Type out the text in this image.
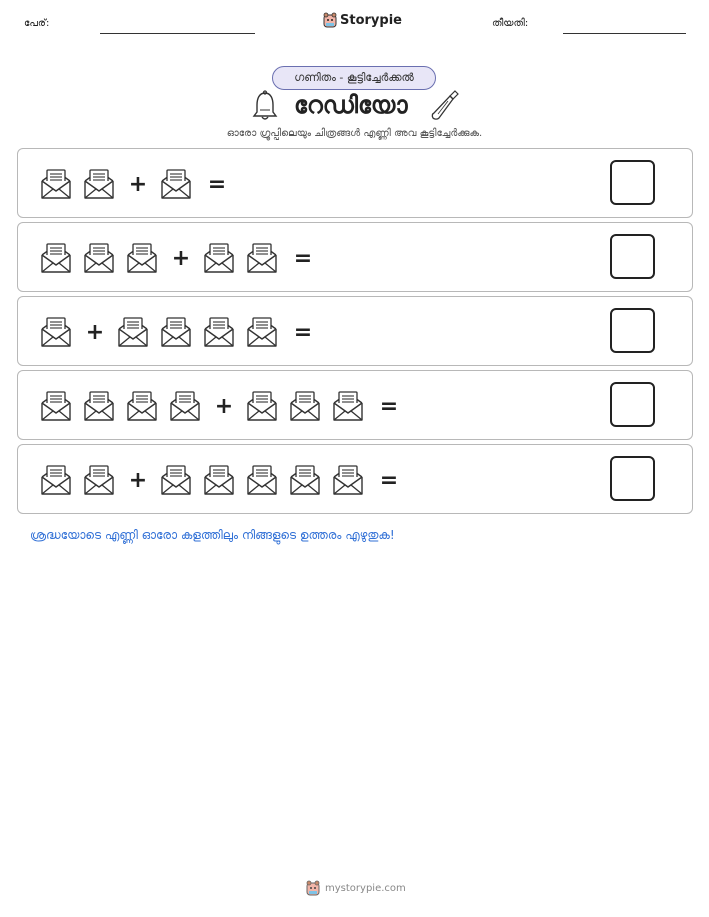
പേര്:	Storypie	തീയതി:
ഗണിതം - കൂട്ടിച്ചേർക്കൽ
റേഡിയോ
ഓരോ ഗ്രൂപ്പിലെയും ചിത്രങ്ങൾ എണ്ണി അവ കൂട്ടിച്ചേർക്കുക.
+	=
+	=
+	=
+	=
+	=
ശ്രദ്ധയോടെ എണ്ണി ഓരോ കളത്തിലും നിങ്ങളുടെ ഉത്തരം എഴുതുക!
mystorypie.com
